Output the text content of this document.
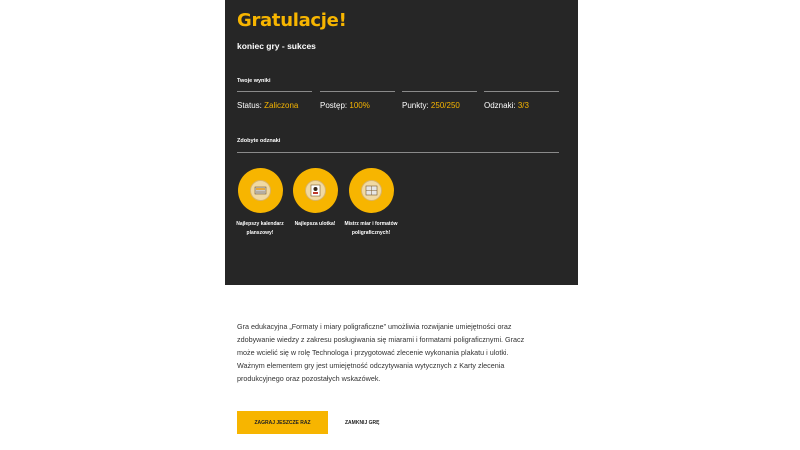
Gratulacje!
koniec gry - sukces
Twoje wyniki
Status: Zaliczona	Postęp: 100%	Punkty: 250/250	Odznaki: 3/3
Zdobyte odznaki
Najlepszy kalendarz planszowy!
Najlepsza ulotka!	Mistrz miar i formatów poligraficznych!
Gra edukacyjna „Formaty i miary poligraficzne” umożliwia rozwijanie umiejętności oraz zdobywanie wiedzy z zakresu posługiwania się miarami i formatami poligraficznymi. Gracz może wcielić się w rolę Technologa i przygotować zlecenie wykonania plakatu i ulotki. Ważnym elementem gry jest umiejętność odczytywania wytycznych z Karty zlecenia produkcyjnego oraz pozostałych wskazówek.
ZAGRAJ JESZCZE RAZ	ZAMKNIJ GRĘ
